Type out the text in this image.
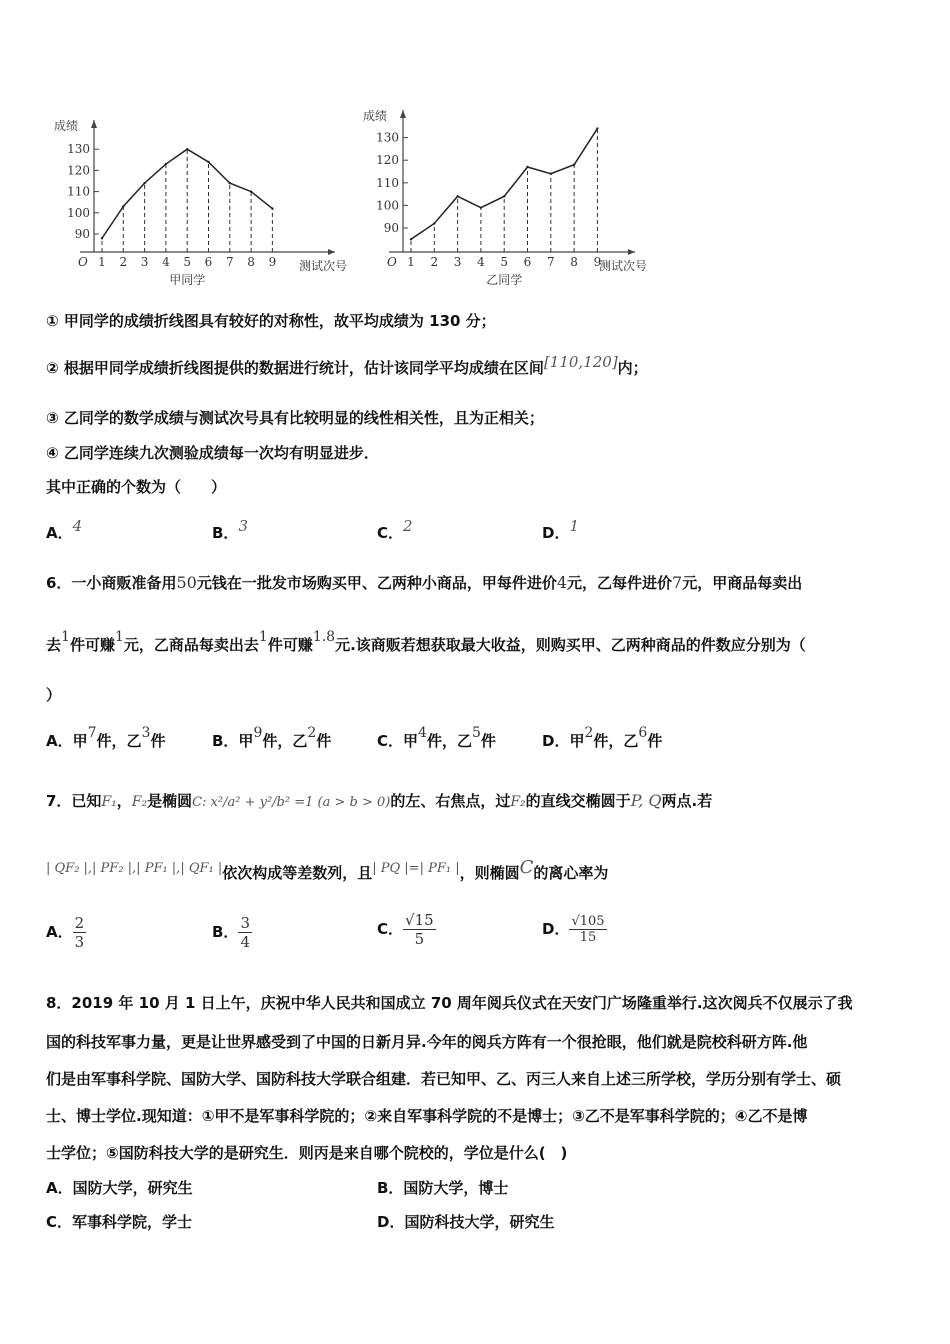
成绩
O	测试次号
甲同学
90
100
110
120
130
1 2 3 4 5 6 7 8 9
成绩
O	测试次号
乙同学
90
100
110
120
130
1 2 3 4 5 6 7 8 9
① 甲同学的成绩折线图具有较好的对称性，故平均成绩为 130 分；
② 根据甲同学成绩折线图提供的数据进行统计，估计该同学平均成绩在区间[110,120]内；
③ 乙同学的数学成绩与测试次号具有比较明显的线性相关性，且为正相关；
④ 乙同学连续九次测验成绩每一次均有明显进步．
其中正确的个数为（　　）
A．4	B．3	C．2	D．1
6．一小商贩准备用50元钱在一批发市场购买甲、乙两种小商品，甲每件进价4元，乙每件进价7元，甲商品每卖出
去1件可赚1元，乙商品每卖出去1件可赚1.8元.该商贩若想获取最大收益，则购买甲、乙两种商品的件数应分别为（
）
A．甲7件，乙3件	B．甲9件，乙2件	C．甲4件，乙5件	D．甲2件，乙6件
7．已知F₁，F₂是椭圆C: x²/a² + y²/b² =1 (a > b > 0)的左、右焦点，过F₂的直线交椭圆于P, Q两点.若
| QF₂ |,| PF₂ |,| PF₁ |,| QF₁ |依次构成等差数列，且| PQ |=| PF₁ |，则椭圆C的离心率为
A． $\frac{2}{3}$	B． $\frac{3}{4}$	C． $\frac{√15}{5}$	D． $\frac{√105}{15}$
8．2019 年 10 月 1 日上午，庆祝中华人民共和国成立 70 周年阅兵仪式在天安门广场隆重举行.这次阅兵不仅展示了我
国的科技军事力量，更是让世界感受到了中国的日新月异.今年的阅兵方阵有一个很抢眼，他们就是院校科研方阵.他
们是由军事科学院、国防大学、国防科技大学联合组建．若已知甲、乙、丙三人来自上述三所学校，学历分别有学士、硕
士、博士学位.现知道：①甲不是军事科学院的；②来自军事科学院的不是博士；③乙不是军事科学院的；④乙不是博
士学位；⑤国防科技大学的是研究生．则丙是来自哪个院校的，学位是什么(　)
A．国防大学，研究生	B．国防大学，博士
C．军事科学院，学士	D．国防科技大学，研究生
